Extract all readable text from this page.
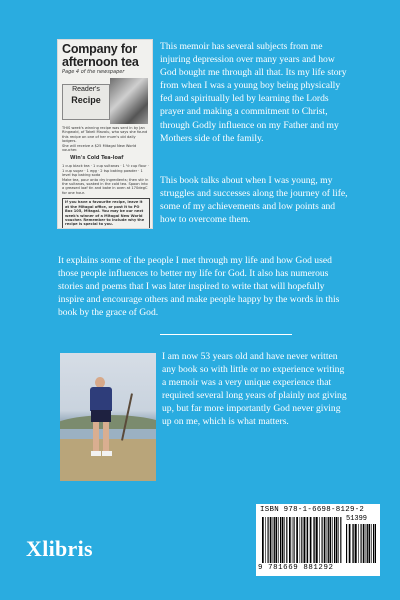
Company for afternoon tea
Page 4 of the newspaper
Reader's
Recipe
THIS week's winning recipe was sent in by Jan Ringwald, of Takeli Mavalu, who says she found this recipe on one of her mum's old daily lodgers.
She will receive a $25 Mitagai New World voucher.
Win's Cold Tea-loaf
1 cup black tea · 1 cup sultanas · 1 ½ cup flour · 1 cup sugar · 1 egg · 2 tsp baking powder · 1 level tsp baking soda
Make tea, pour onto dry ingredients; then stir in the sultanas, soaked in the cold tea. Spoon into a greased loaf tin and bake in oven at 170degC for one hour.
If you have a favourite recipe, leave it at the Mitagai office, or post it to PO Box 105, Mitagai. You may be our next week's winner of a Mitagai New World voucher. Remember to include why the recipe is special to you.

This memoir has several subjects from me injuring depression over many years and how God bought me through all that. Its my life story from when I was a young boy being physically fed and spiritually led by learning the Lords prayer and making a commitment to Christ, through Godly influence on my Father and my Mothers side of the family.

This book talks about when I was young, my struggles and successes along the journey of life, some of my achievements and low points and how to overcome them.

It explains some of the people I met through my life and how God used those people influences to better my life for God. It also has numerous stories and poems that I was later inspired to write that will hopefully inspire and encourage others and make people happy by the words in this book by the grace of God.

I am now 53 years old and have never written any book so with little or no experience writing a memoir was a very unique experience that required several long years of plainly not giving up, but far more importantly God never giving up on me, which is what matters.

Xlibris
ISBN 978-1-6698-8129-2
51399
9 781669 881292
